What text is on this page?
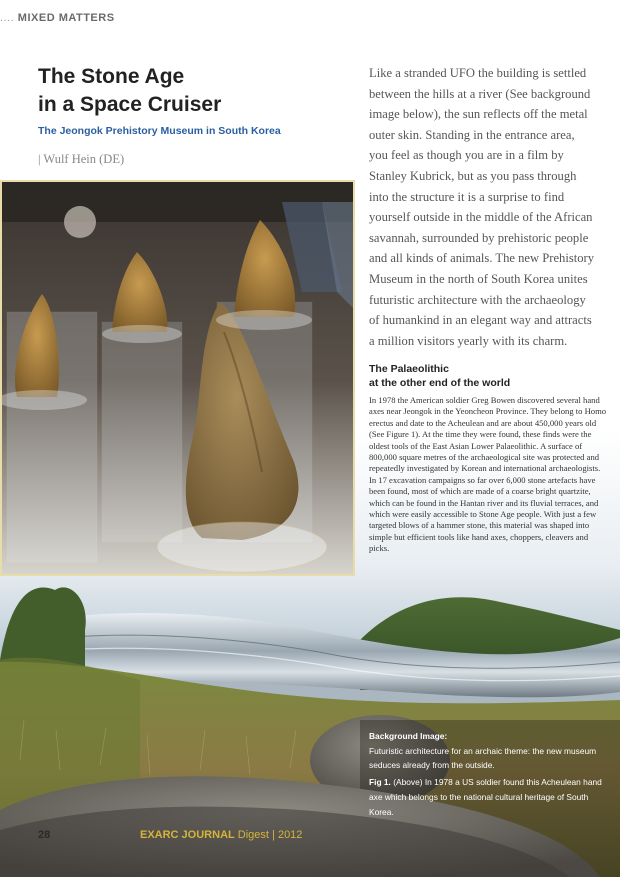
.... MIXED MATTERS
The Stone Age
in a Space Cruiser
The Jeongok Prehistory Museum in South Korea
| Wulf Hein (DE)
Like a stranded UFO the building is settled between the hills at a river (See background image below), the sun reflects off the metal outer skin. Standing in the entrance area, you feel as though you are in a film by Stanley Kubrick, but as you pass through into the structure it is a surprise to find yourself outside in the middle of the African savannah, surrounded by prehistoric people and all kinds of animals. The new Prehistory Museum in the north of South Korea unites futuristic architecture with the archaeology of humankind in an elegant way and attracts a million visitors yearly with its charm.
The Palaeolithic
at the other end of the world
In 1978 the American soldier Greg Bowen discovered several hand axes near Jeongok in the Yeoncheon Province. They belong to Homo erectus and date to the Acheulean and are about 450,000 years old (See Figure 1). At the time they were found, these finds were the oldest tools of the East Asian Lower Palaeolithic. A surface of 800,000 square metres of the archaeological site was protected and repeatedly investigated by Korean and international archaeologists. In 17 excavation campaigns so far over 6,000 stone artefacts have been found, most of which are made of a coarse bright quartzite, which can be found in the Hantan river and its fluvial terraces, and which were easily accessible to Stone Age people. With just a few targeted blows of a hammer stone, this material was shaped into simple but efficient tools like hand axes, choppers, cleavers and picks.
Background Image:
Futuristic architecture for an archaic theme: the new museum seduces already from the outside.
Fig 1. (Above) In 1978 a US soldier found this Acheulean hand axe which belongs to the national cultural heritage of South Korea.
28	EXARC JOURNAL Digest | 2012
